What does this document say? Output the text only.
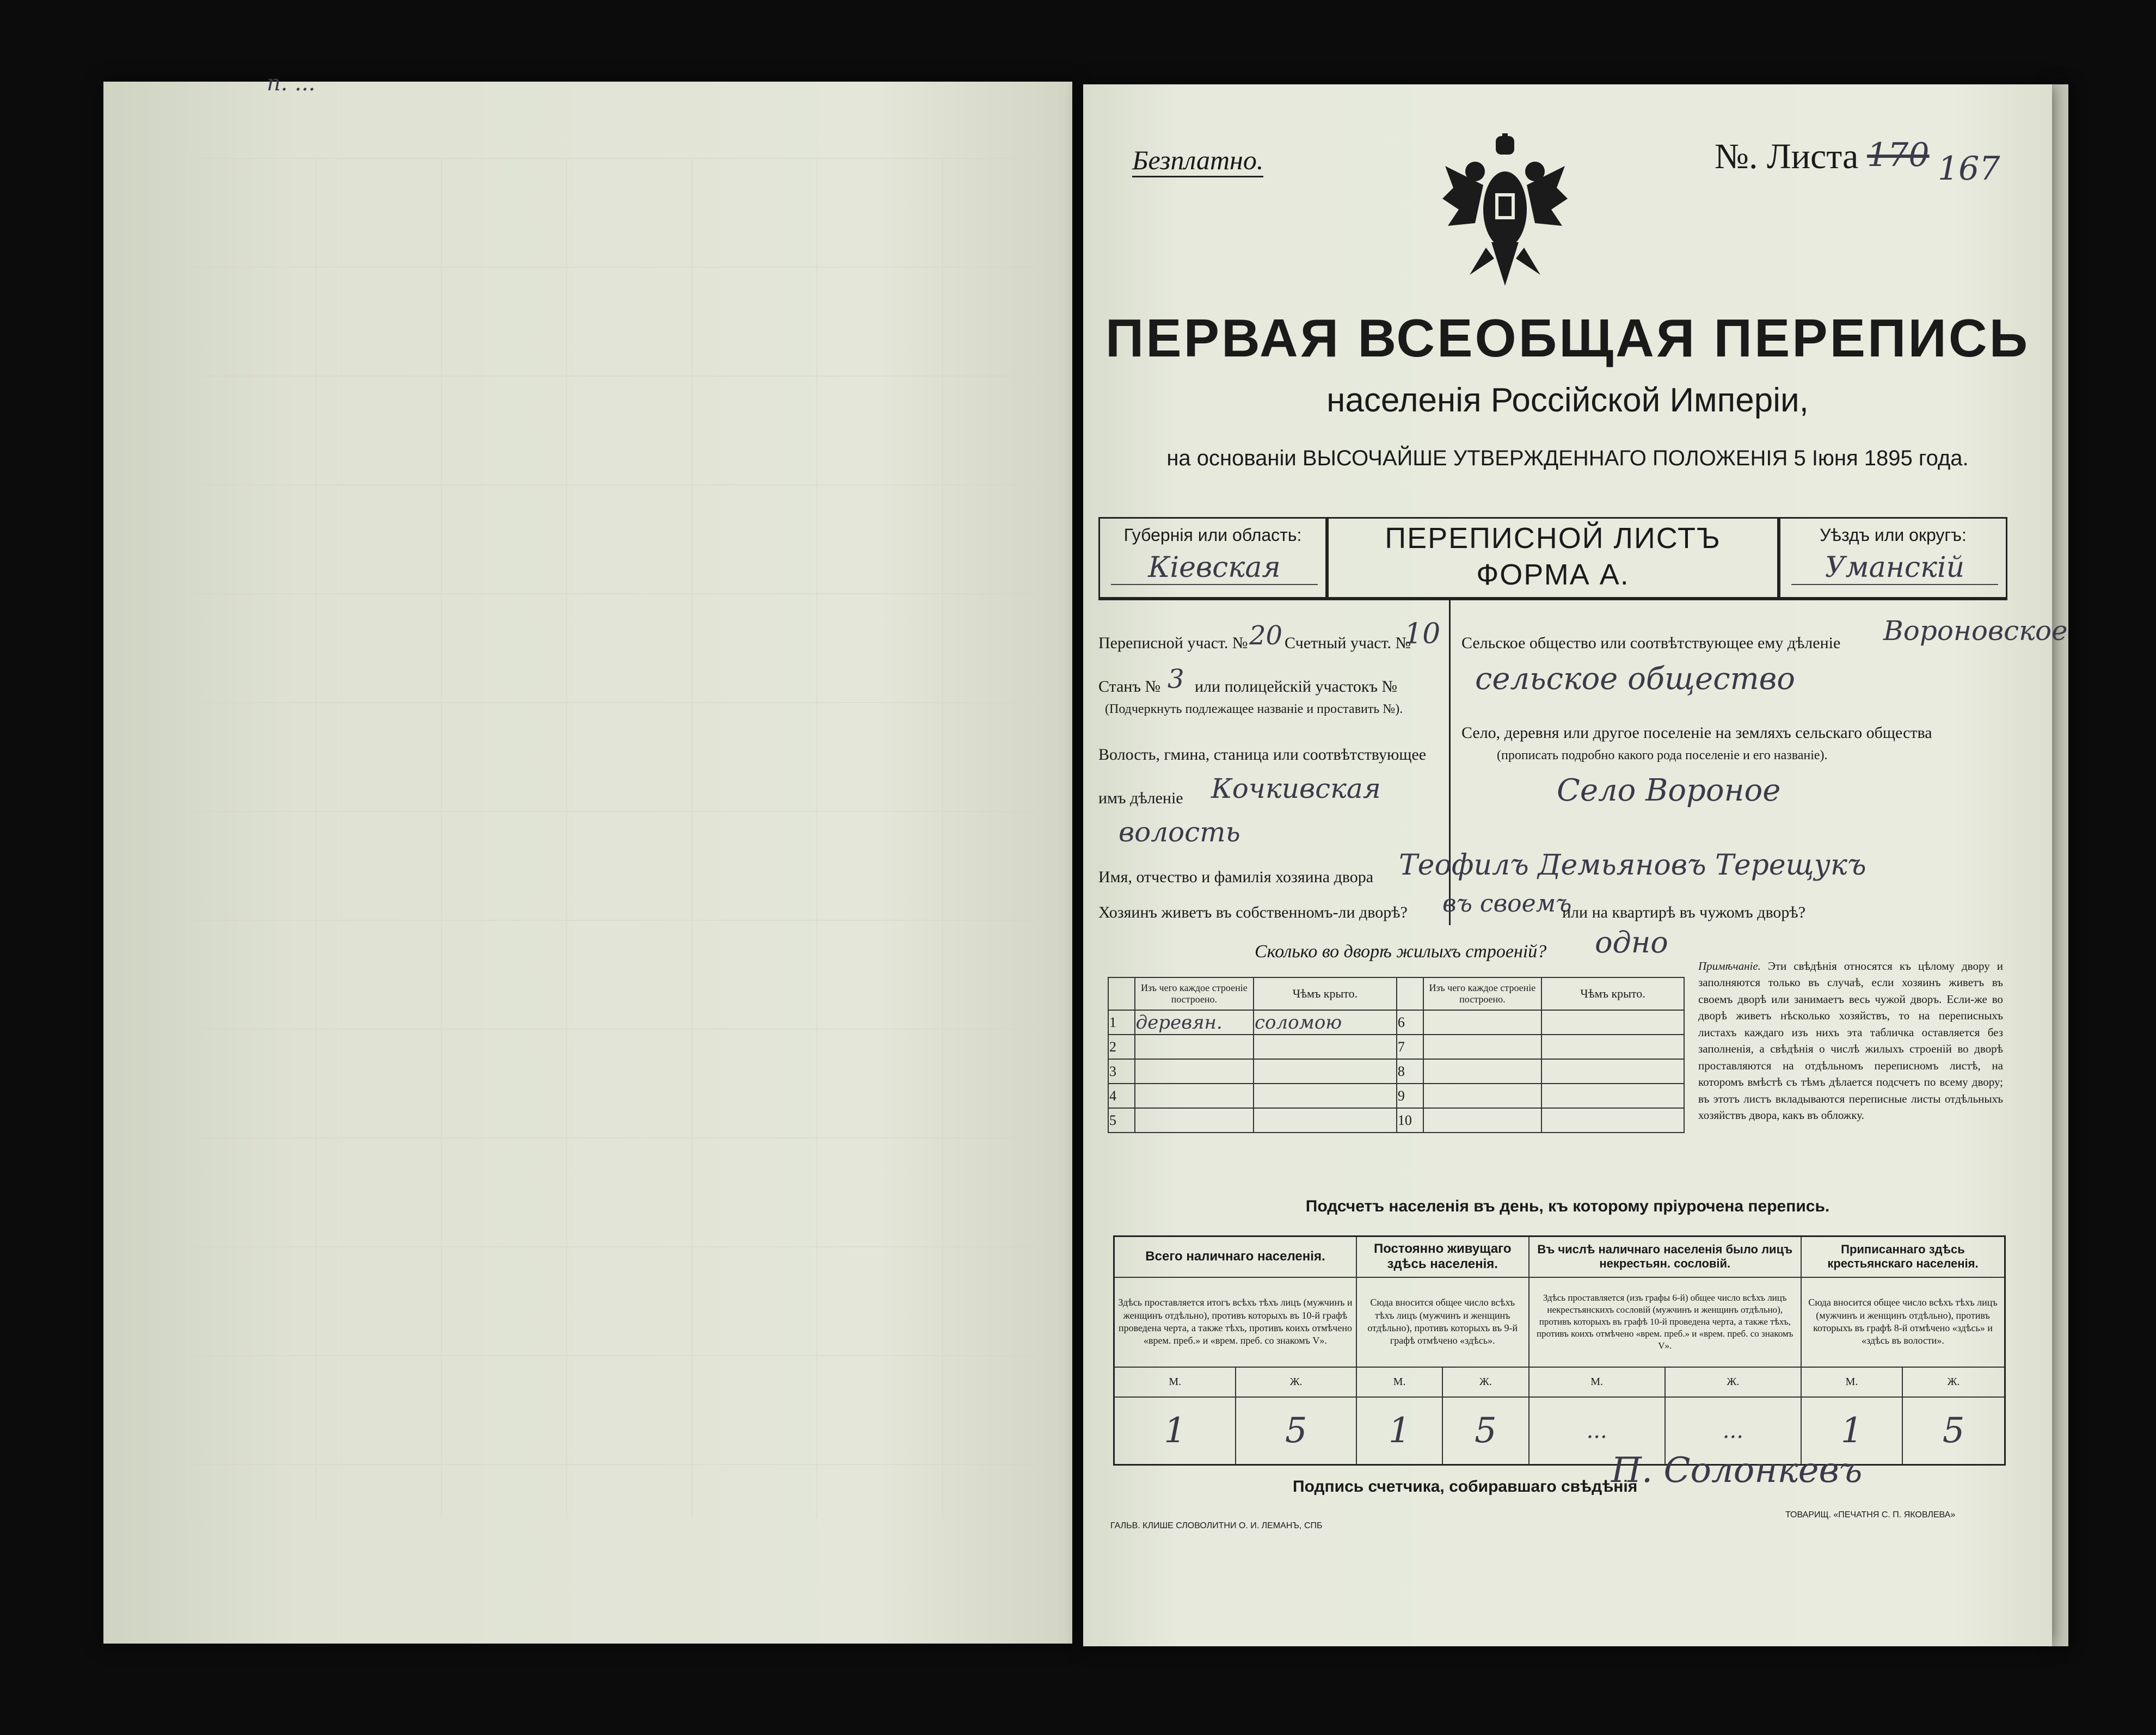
п. ...
Безплатно.	№. Листа 170 167
ПЕРВАЯ ВСЕОБЩАЯ ПЕРЕПИСЬ
населенія Россійской Имперіи,
на основаніи ВЫСОЧАЙШЕ УТВЕРЖДЕННАГО ПОЛОЖЕНІЯ 5 Іюня 1895 года.
Губернія или область:
Кіевская
ПЕРЕПИСНОЙ ЛИСТЪ
ФОРМА А.
Уѣздъ или округъ:
Уманскій
Переписной участ. № 20 Счетный участ. №
10
Станъ № 3 или полицейскій участокъ №
(Подчеркнуть подлежащее названіе и проставить №).
Волость, гмина, станица или соотвѣтствующее
имъ дѣленіе Кочкивская
волость
Сельское общество или соотвѣтствующее ему дѣленіе Вороновское
сельское общество
Село, деревня или другое поселеніе на земляхъ сельскаго общества
(прописать подробно какого рода поселеніе и его названіе).
Село Вороное
Имя, отчество и фамилія хозяина двора Теофилъ Демьяновъ Терещукъ
Хозяинъ живетъ въ собственномъ-ли дворѣ? въ своемъ
или на квартирѣ въ чужомъ дворѣ?
Сколько во дворѣ жилыхъ строеній? одно
	Изъ чего каждое строеніе построено.	Чѣмъ крыто.		Изъ чего каждое строеніе построено.	Чѣмъ крыто.
1	деревян.	соломою	6		
2			7		
3			8		
4			9		
5			10		
Примѣчаніе. Эти свѣдѣнія относятся къ цѣлому двору и заполняются только въ случаѣ, если хозяинъ живетъ въ своемъ дворѣ или занимаетъ весь чужой дворъ. Если-же во дворѣ живетъ нѣсколько хозяйствъ, то на переписныхъ листахъ каждаго изъ нихъ эта табличка оставляется без заполненія, а свѣдѣнія о числѣ жилыхъ строеній во дворѣ проставляются на отдѣльномъ переписномъ листѣ, на которомъ вмѣстѣ съ тѣмъ дѣлается подсчетъ по всему двору; въ этотъ листъ вкладываются переписные листы отдѣльныхъ хозяйствъ двора, какъ въ обложку.
Подсчетъ населенія въ день, къ которому пріурочена перепись.
Всего наличнаго населенія.		Постоянно живущаго здѣсь населенія.		Въ числѣ наличнаго населенія было лицъ некрестьян. сословій.		Приписаннаго здѣсь крестьянскаго населенія.	
Здѣсь проставляется итогъ всѣхъ тѣхъ лицъ (мужчинъ и женщинъ отдѣльно), противъ которыхъ въ 10-й графѣ проведена черта, а также тѣхъ, противъ коихъ отмѣчено «врем. преб.» и «врем. преб. со знакомъ V».		Сюда вносится общее число всѣхъ тѣхъ лицъ (мужчинъ и женщинъ отдѣльно), противъ которыхъ въ 9-й графѣ отмѣчено «здѣсь».		Здѣсь проставляется (изъ графы 6-й) общее число всѣхъ лицъ некрестьянскихъ сословій (мужчинъ и женщинъ отдѣльно), противъ которыхъ въ графѣ 10-й проведена черта, а также тѣхъ, противъ коихъ отмѣчено «врем. преб.» и «врем. преб. со знакомъ V».		Сюда вносится общее число всѣхъ тѣхъ лицъ (мужчинъ и женщинъ отдѣльно), противъ которыхъ въ графѣ 8-й отмѣчено «здѣсь» и «здѣсь въ волости».	
М.	Ж.	М.	Ж.	М.	Ж.	М.	Ж.
1	5	1	5	...	...	1	5
Подпись счетчика, собиравшаго свѣдѣнія
П. Солонкевъ
ГАЛЬВ. КЛИШЕ СЛОВОЛИТНИ О. И. ЛЕМАНЪ, СПБ
ТОВАРИЩ. «ПЕЧАТНЯ С. П. ЯКОВЛЕВА»
